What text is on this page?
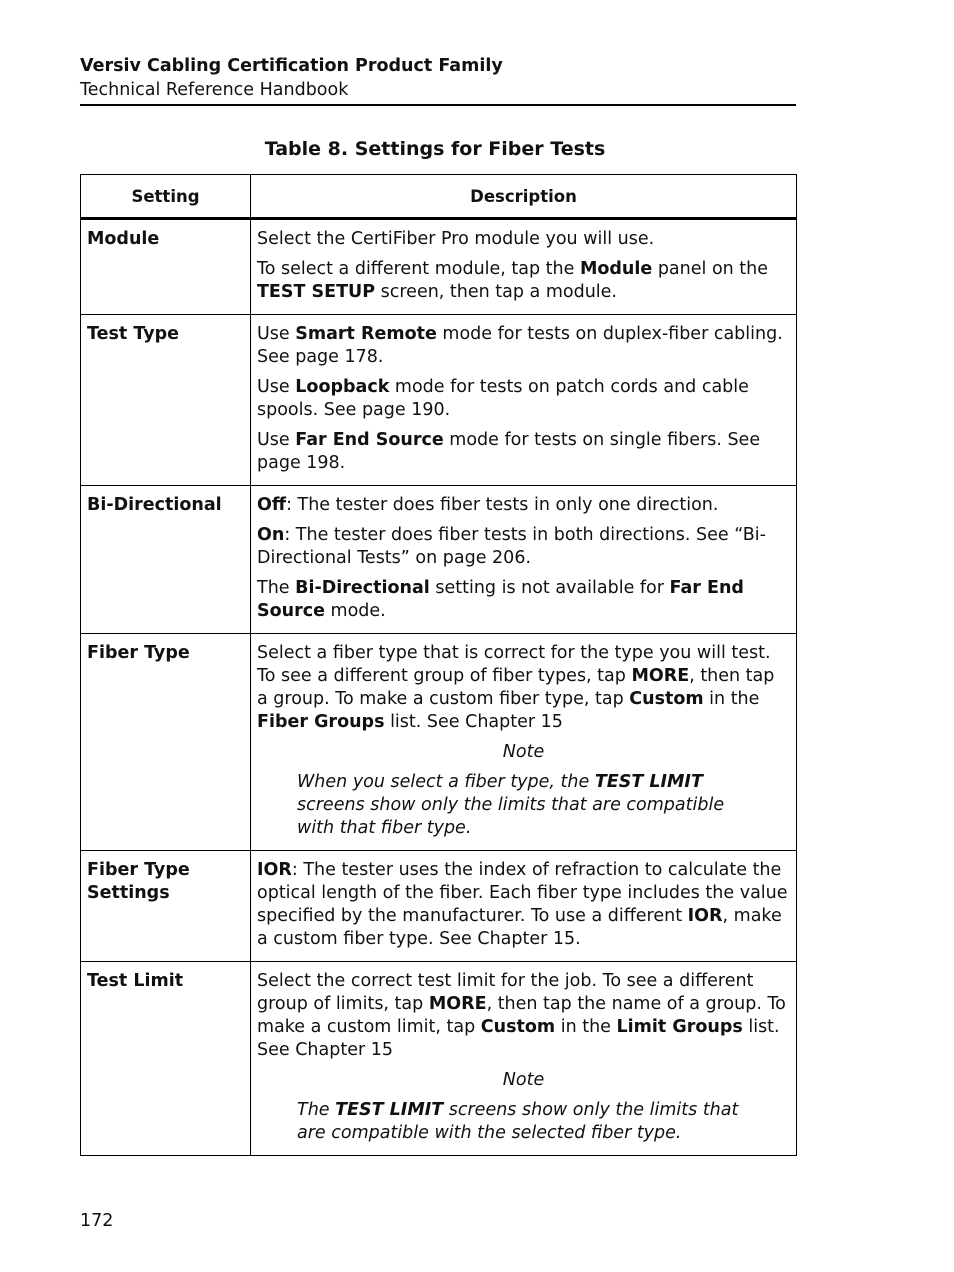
Versiv Cabling Certification Product Family
Technical Reference Handbook
Table 8. Settings for Fiber Tests
Setting	Description

Module	Select the CertiFiber Pro module you will use.

To select a different module, tap the Module panel on the TEST SETUP screen, then tap a module.

Test Type	Use Smart Remote mode for tests on duplex-fiber cabling. See page 178.

Use Loopback mode for tests on patch cords and cable spools. See page 190.

Use Far End Source mode for tests on single fibers. See page 198.

Bi-Directional	Off: The tester does fiber tests in only one direction.

On: The tester does fiber tests in both directions. See “Bi-Directional Tests” on page 206.

The Bi-Directional setting is not available for Far End Source mode.

Fiber Type	Select a fiber type that is correct for the type you will test. To see a different group of fiber types, tap MORE, then tap a group. To make a custom fiber type, tap Custom in the Fiber Groups list. See Chapter 15

Note

When you select a fiber type, the TEST LIMIT screens show only the limits that are compatible with that fiber type.

Fiber Type Settings	IOR: The tester uses the index of refraction to calculate the optical length of the fiber. Each fiber type includes the value specified by the manufacturer. To use a different IOR, make a custom fiber type. See Chapter 15.

Test Limit	Select the correct test limit for the job. To see a different group of limits, tap MORE, then tap the name of a group. To make a custom limit, tap Custom in the Limit Groups list. See Chapter 15

Note

The TEST LIMIT screens show only the limits that are compatible with the selected fiber type.

172
